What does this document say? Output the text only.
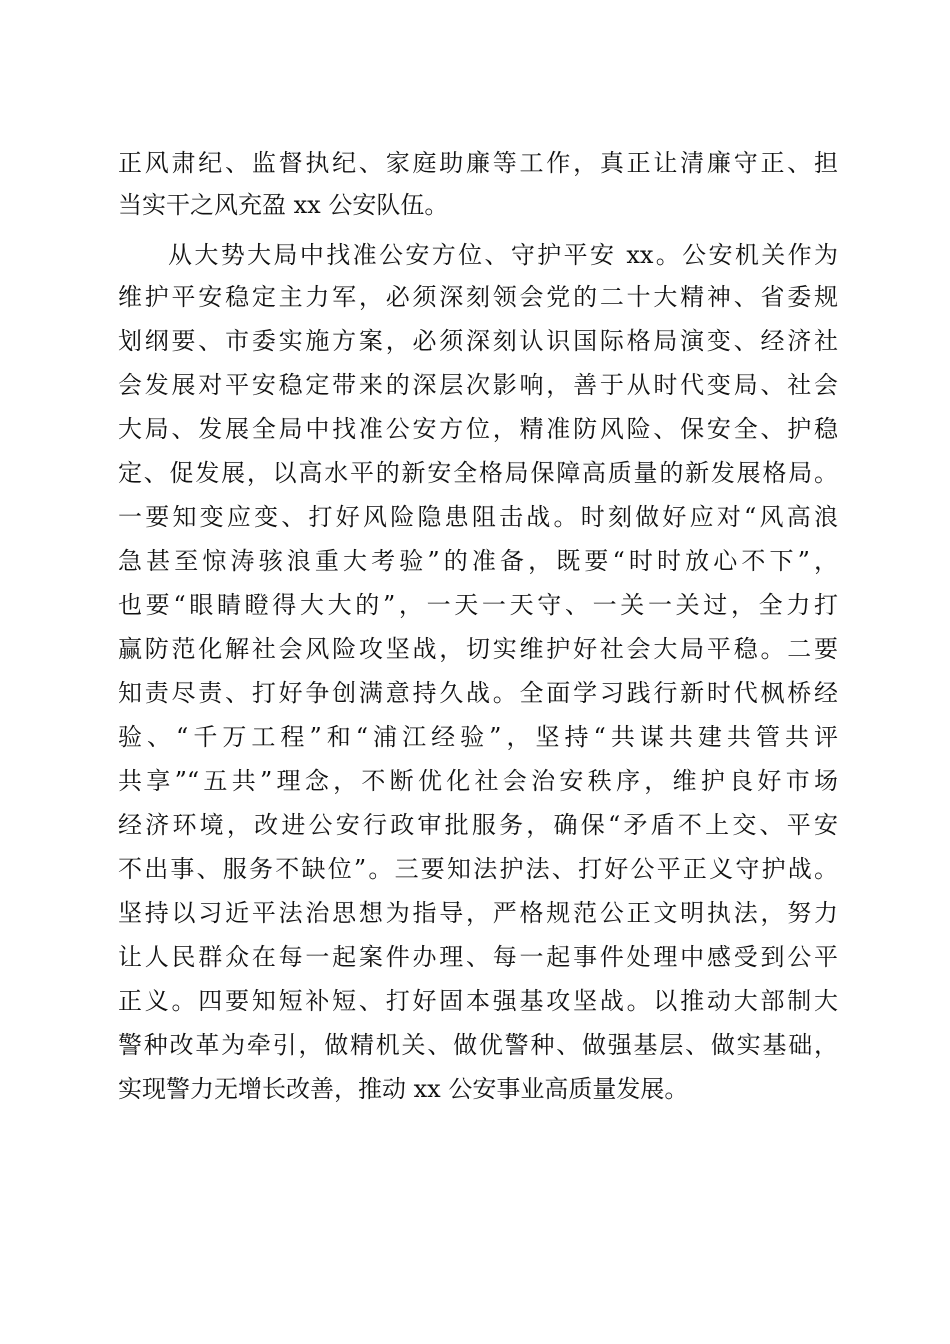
正风肃纪、监督执纪、家庭助廉等工作，真正让清廉守正、担
当实干之风充盈 xx 公安队伍。
从大势大局中找准公安方位、守护平安 xx。公安机关作为
维护平安稳定主力军，必须深刻领会党的二十大精神、省委规
划纲要、市委实施方案，必须深刻认识国际格局演变、经济社
会发展对平安稳定带来的深层次影响，善于从时代变局、社会
大局、发展全局中找准公安方位，精准防风险、保安全、护稳
定、促发展，以高水平的新安全格局保障高质量的新发展格局。
一要知变应变、打好风险隐患阻击战。时刻做好应对“风高浪
急甚至惊涛骇浪重大考验”的准备，既要“时时放心不下”，
也要“眼睛瞪得大大的”，一天一天守、一关一关过，全力打
赢防范化解社会风险攻坚战，切实维护好社会大局平稳。二要
知责尽责、打好争创满意持久战。全面学习践行新时代枫桥经
验、“千万工程”和“浦江经验”，坚持“共谋共建共管共评
共享”“五共”理念，不断优化社会治安秩序，维护良好市场
经济环境，改进公安行政审批服务，确保“矛盾不上交、平安
不出事、服务不缺位”。三要知法护法、打好公平正义守护战。
坚持以习近平法治思想为指导，严格规范公正文明执法，努力
让人民群众在每一起案件办理、每一起事件处理中感受到公平
正义。四要知短补短、打好固本强基攻坚战。以推动大部制大
警种改革为牵引，做精机关、做优警种、做强基层、做实基础，
实现警力无增长改善，推动 xx 公安事业高质量发展。
